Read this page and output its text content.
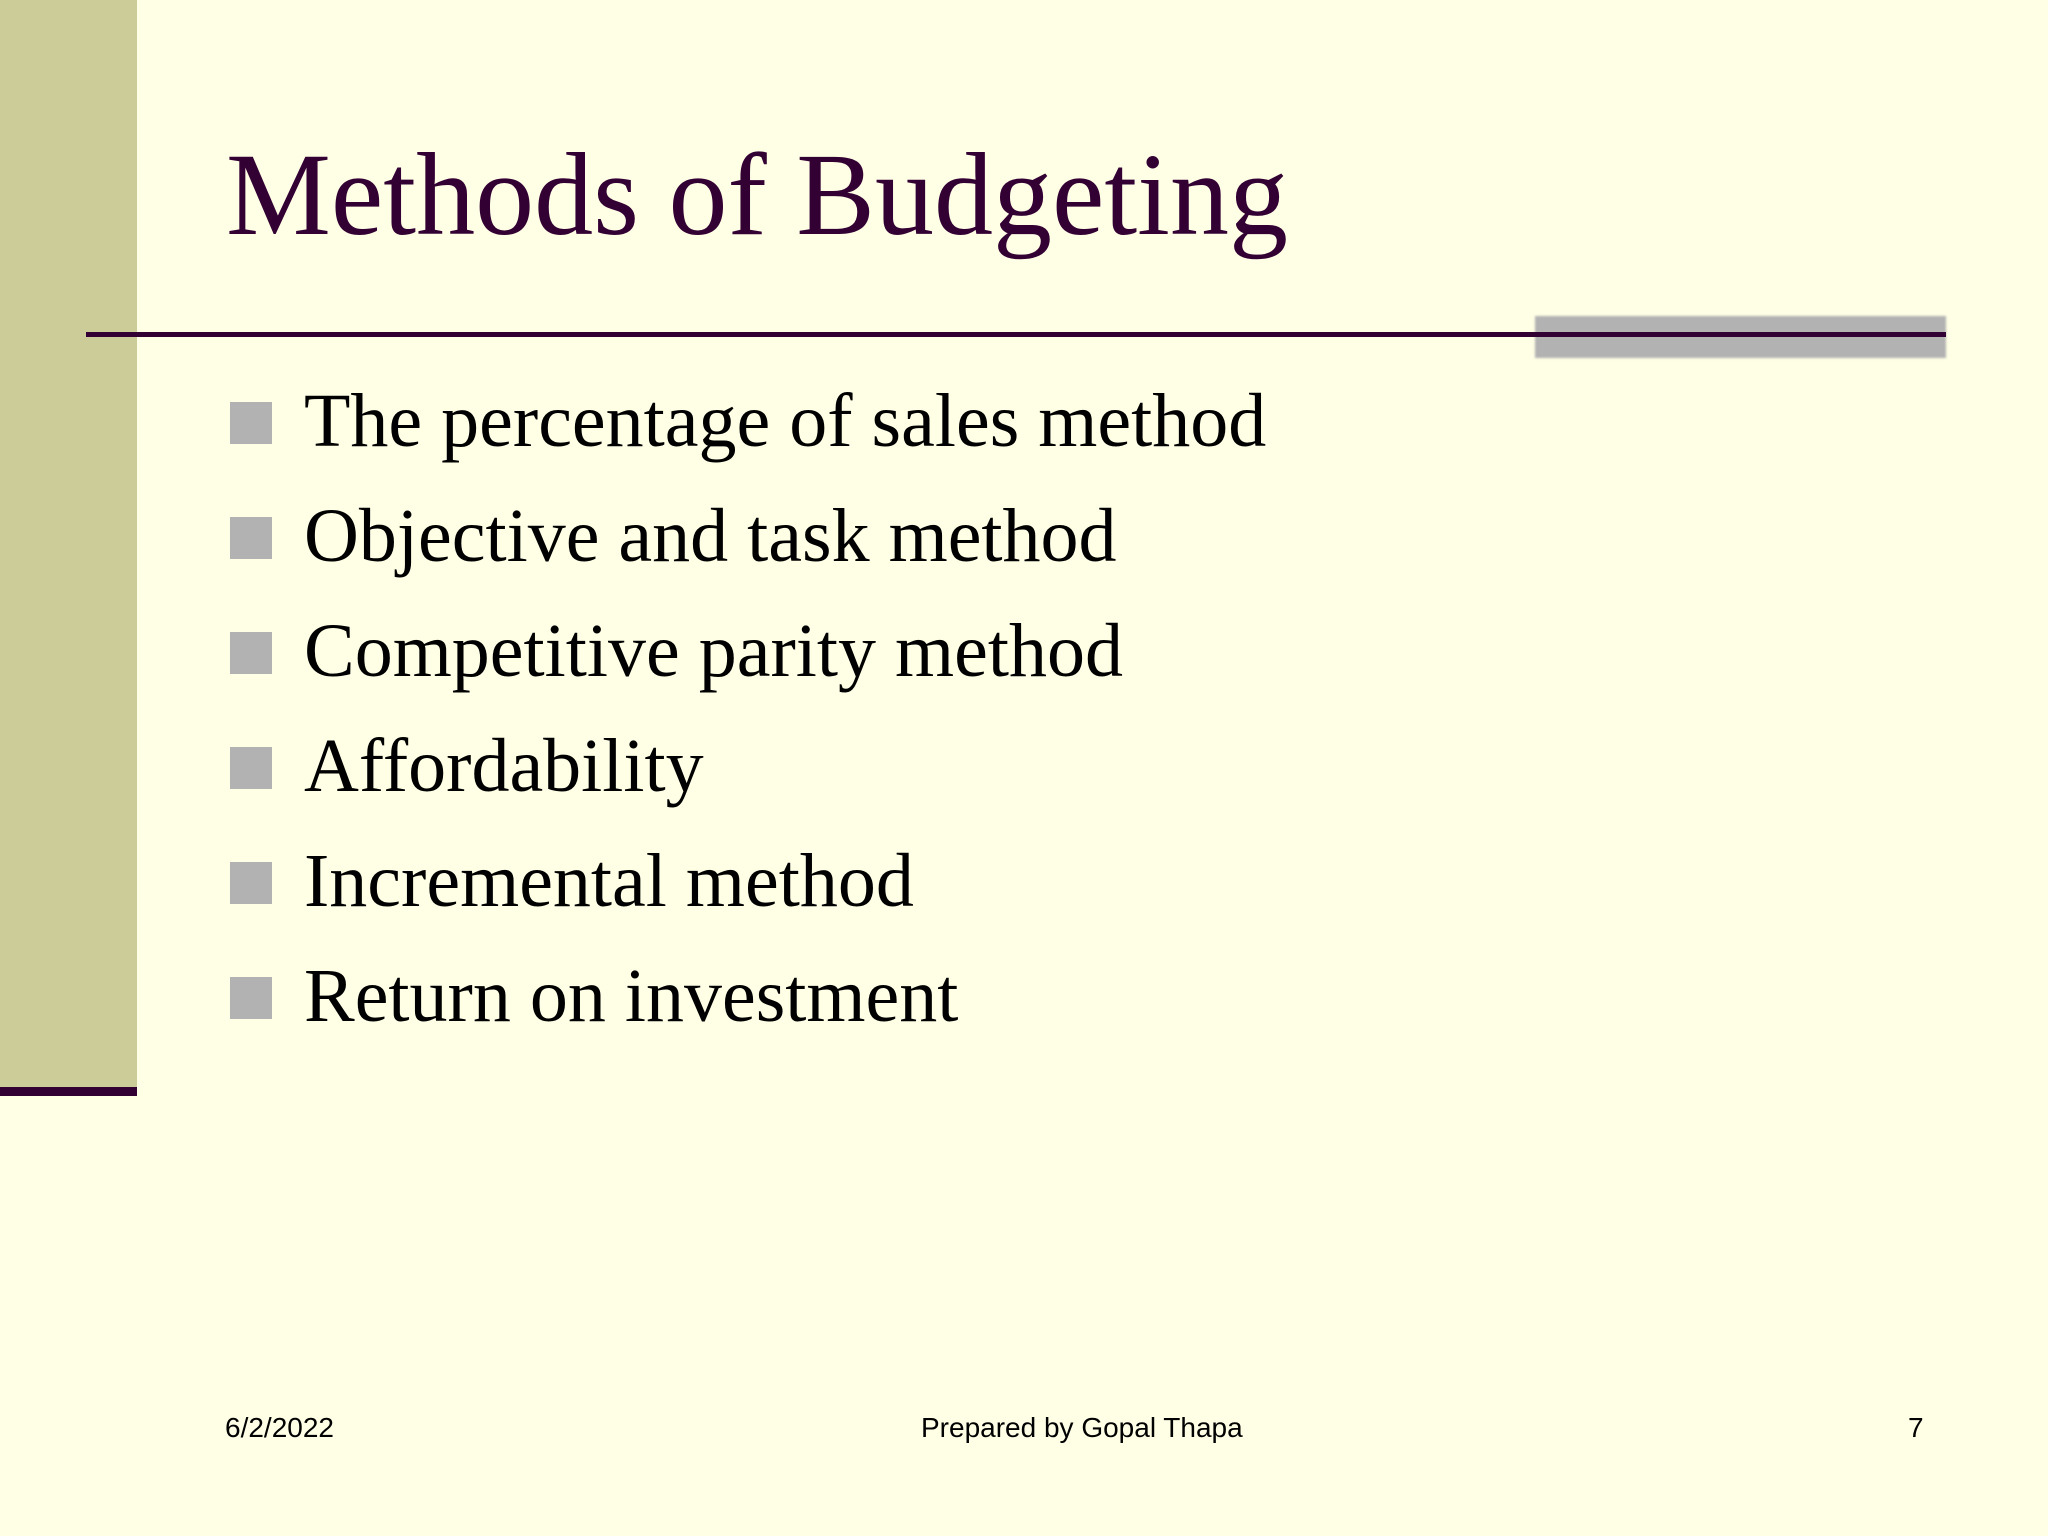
Methods of Budgeting
The percentage of sales method
Objective and task method
Competitive parity method
Affordability
Incremental method
Return on investment
6/2/2022	Prepared by Gopal Thapa	7
